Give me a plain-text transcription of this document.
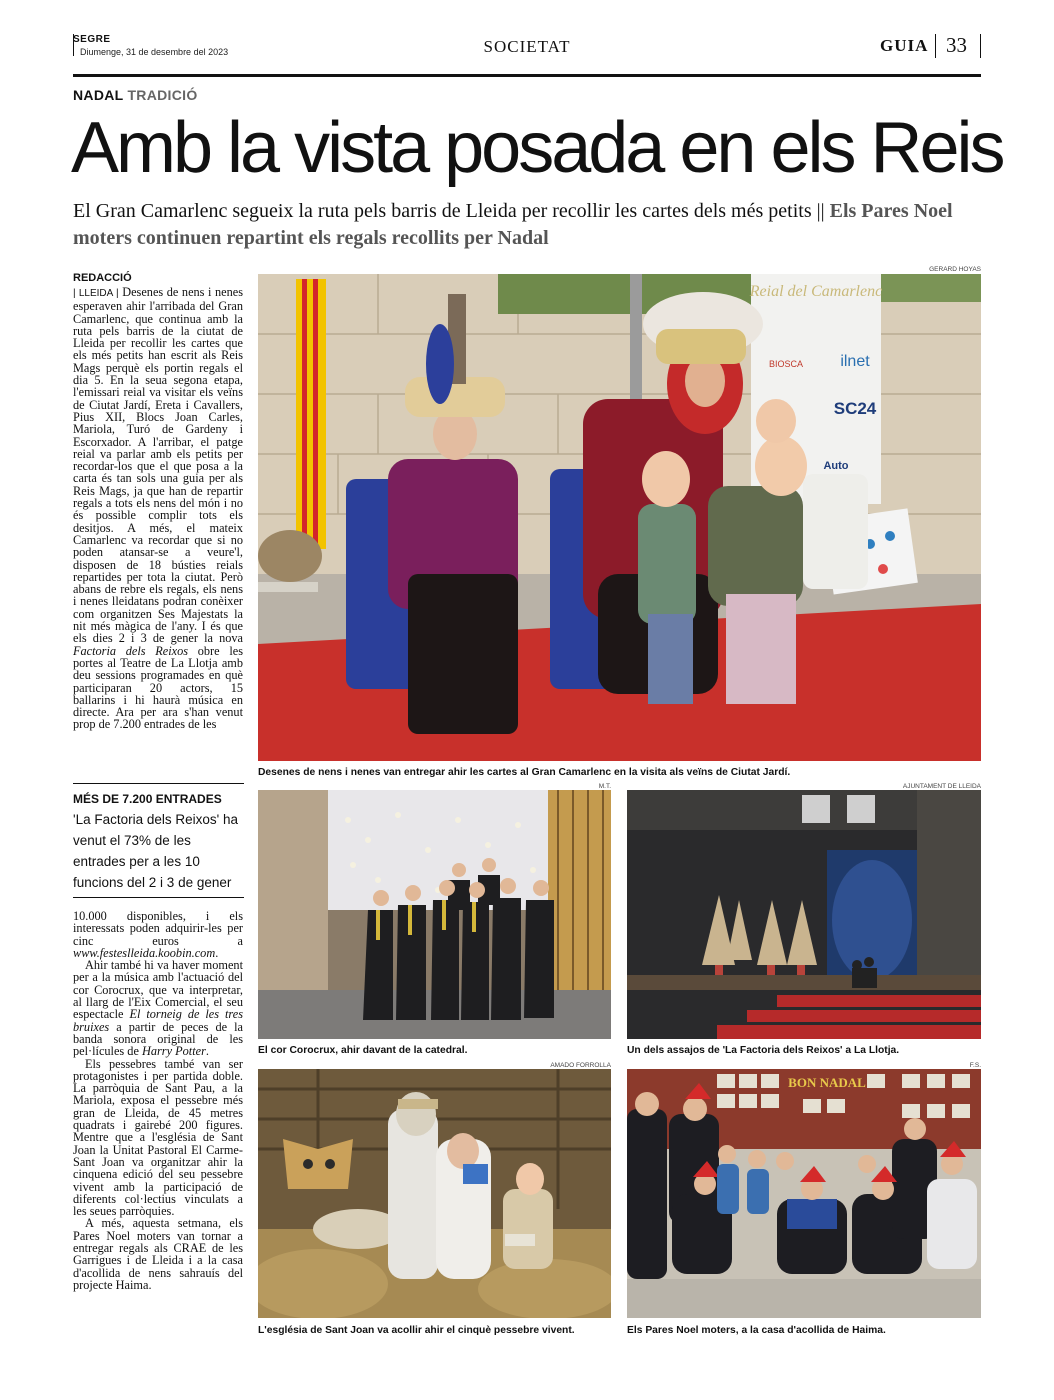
SEGRE
Diumenge, 31 de desembre del 2023	SOCIETAT	GUIA 33
NADAL TRADICIÓ
Amb la vista posada en els Reis
El Gran Camarlenc segueix la ruta pels barris de Lleida per recollir les cartes dels més petits || Els Pares Noel moters continuen repartint els regals recollits per Nadal
REDACCIÓ

| LLEIDA | Desenes de nens i nenes esperaven ahir l'arribada del Gran Camarlenc, que continua amb la ruta pels barris de la ciutat de Lleida per recollir les cartes que els més petits han escrit als Reis Mags perquè els portin regals el dia 5. En la seua segona etapa, l'emissari reial va visitar els veïns de Ciutat Jardí, Ereta i Cavallers, Pius XII, Blocs Joan Carles, Mariola, Turó de Gardeny i Escorxador. A l'arribar, el patge reial va parlar amb els petits per recordar-los que el que posa a la carta és tan sols una guia per als Reis Mags, ja que han de repartir regals a tots els nens del món i no és possible complir tots els desitjos. A més, el mateix Camarlenc va recordar que si no poden atansar-se a veure'l, disposen de 18 bústies reials repartides per tota la ciutat. Però abans de rebre els regals, els nens i nenes lleidatans podran conèixer com organitzen Ses Majestats la nit més màgica de l'any. I és que els dies 2 i 3 de gener la nova Factoria dels Reixos obre les portes al Teatre de La Llotja amb deu sessions programades en què participaran 20 actors, 15 ballarins i hi haurà música en directe. Ara per ara s'han venut prop de 7.200 entrades de les

MÉS DE 7.200 ENTRADES
'La Factoria dels Reixos' ha venut el 73% de les entrades per a les 10 funcions del 2 i 3 de gener

10.000 disponibles, i els interessats poden adquirir-les per cinc euros a www.festeslleida.koobin.com.

Ahir també hi va haver moment per a la música amb l'actuació del cor Corocrux, que va interpretar, al llarg de l'Eix Comercial, el seu espectacle El torneig de les tres bruixes a partir de peces de la banda sonora original de les pel·lícules de Harry Potter.

Els pessebres també van ser protagonistes i per partida doble. La parròquia de Sant Pau, a la Mariola, exposa el pessebre més gran de Lleida, de 45 metres quadrats i gairebé 200 figures. Mentre que a l'església de Sant Joan la Unitat Pastoral El Carme-Sant Joan va organitzar ahir la cinquena edició del seu pessebre vivent amb la participació de diferents col·lectius vinculats a les seues parròquies.

A més, aquesta setmana, els Pares Noel moters van tornar a entregar regals als CRAE de les Garrigues i de Lleida i a la casa d'acollida de nens sahrauís del projecte Haima.

GERARD HOYAS
Reial del Camarlenc
BIOSCA ilnet
SC24
Auto
Desenes de nens i nenes van entregar ahir les cartes al Gran Camarlenc en la visita als veïns de Ciutat Jardí.
M.T.
El cor Corocrux, ahir davant de la catedral.
AJUNTAMENT DE LLEIDA
Un dels assajos de 'La Factoria dels Reixos' a La Llotja.
AMADO FORROLLA
L'església de Sant Joan va acollir ahir el cinquè pessebre vivent.
F.S.
BON NADAL
Els Pares Noel moters, a la casa d'acollida de Haima.
